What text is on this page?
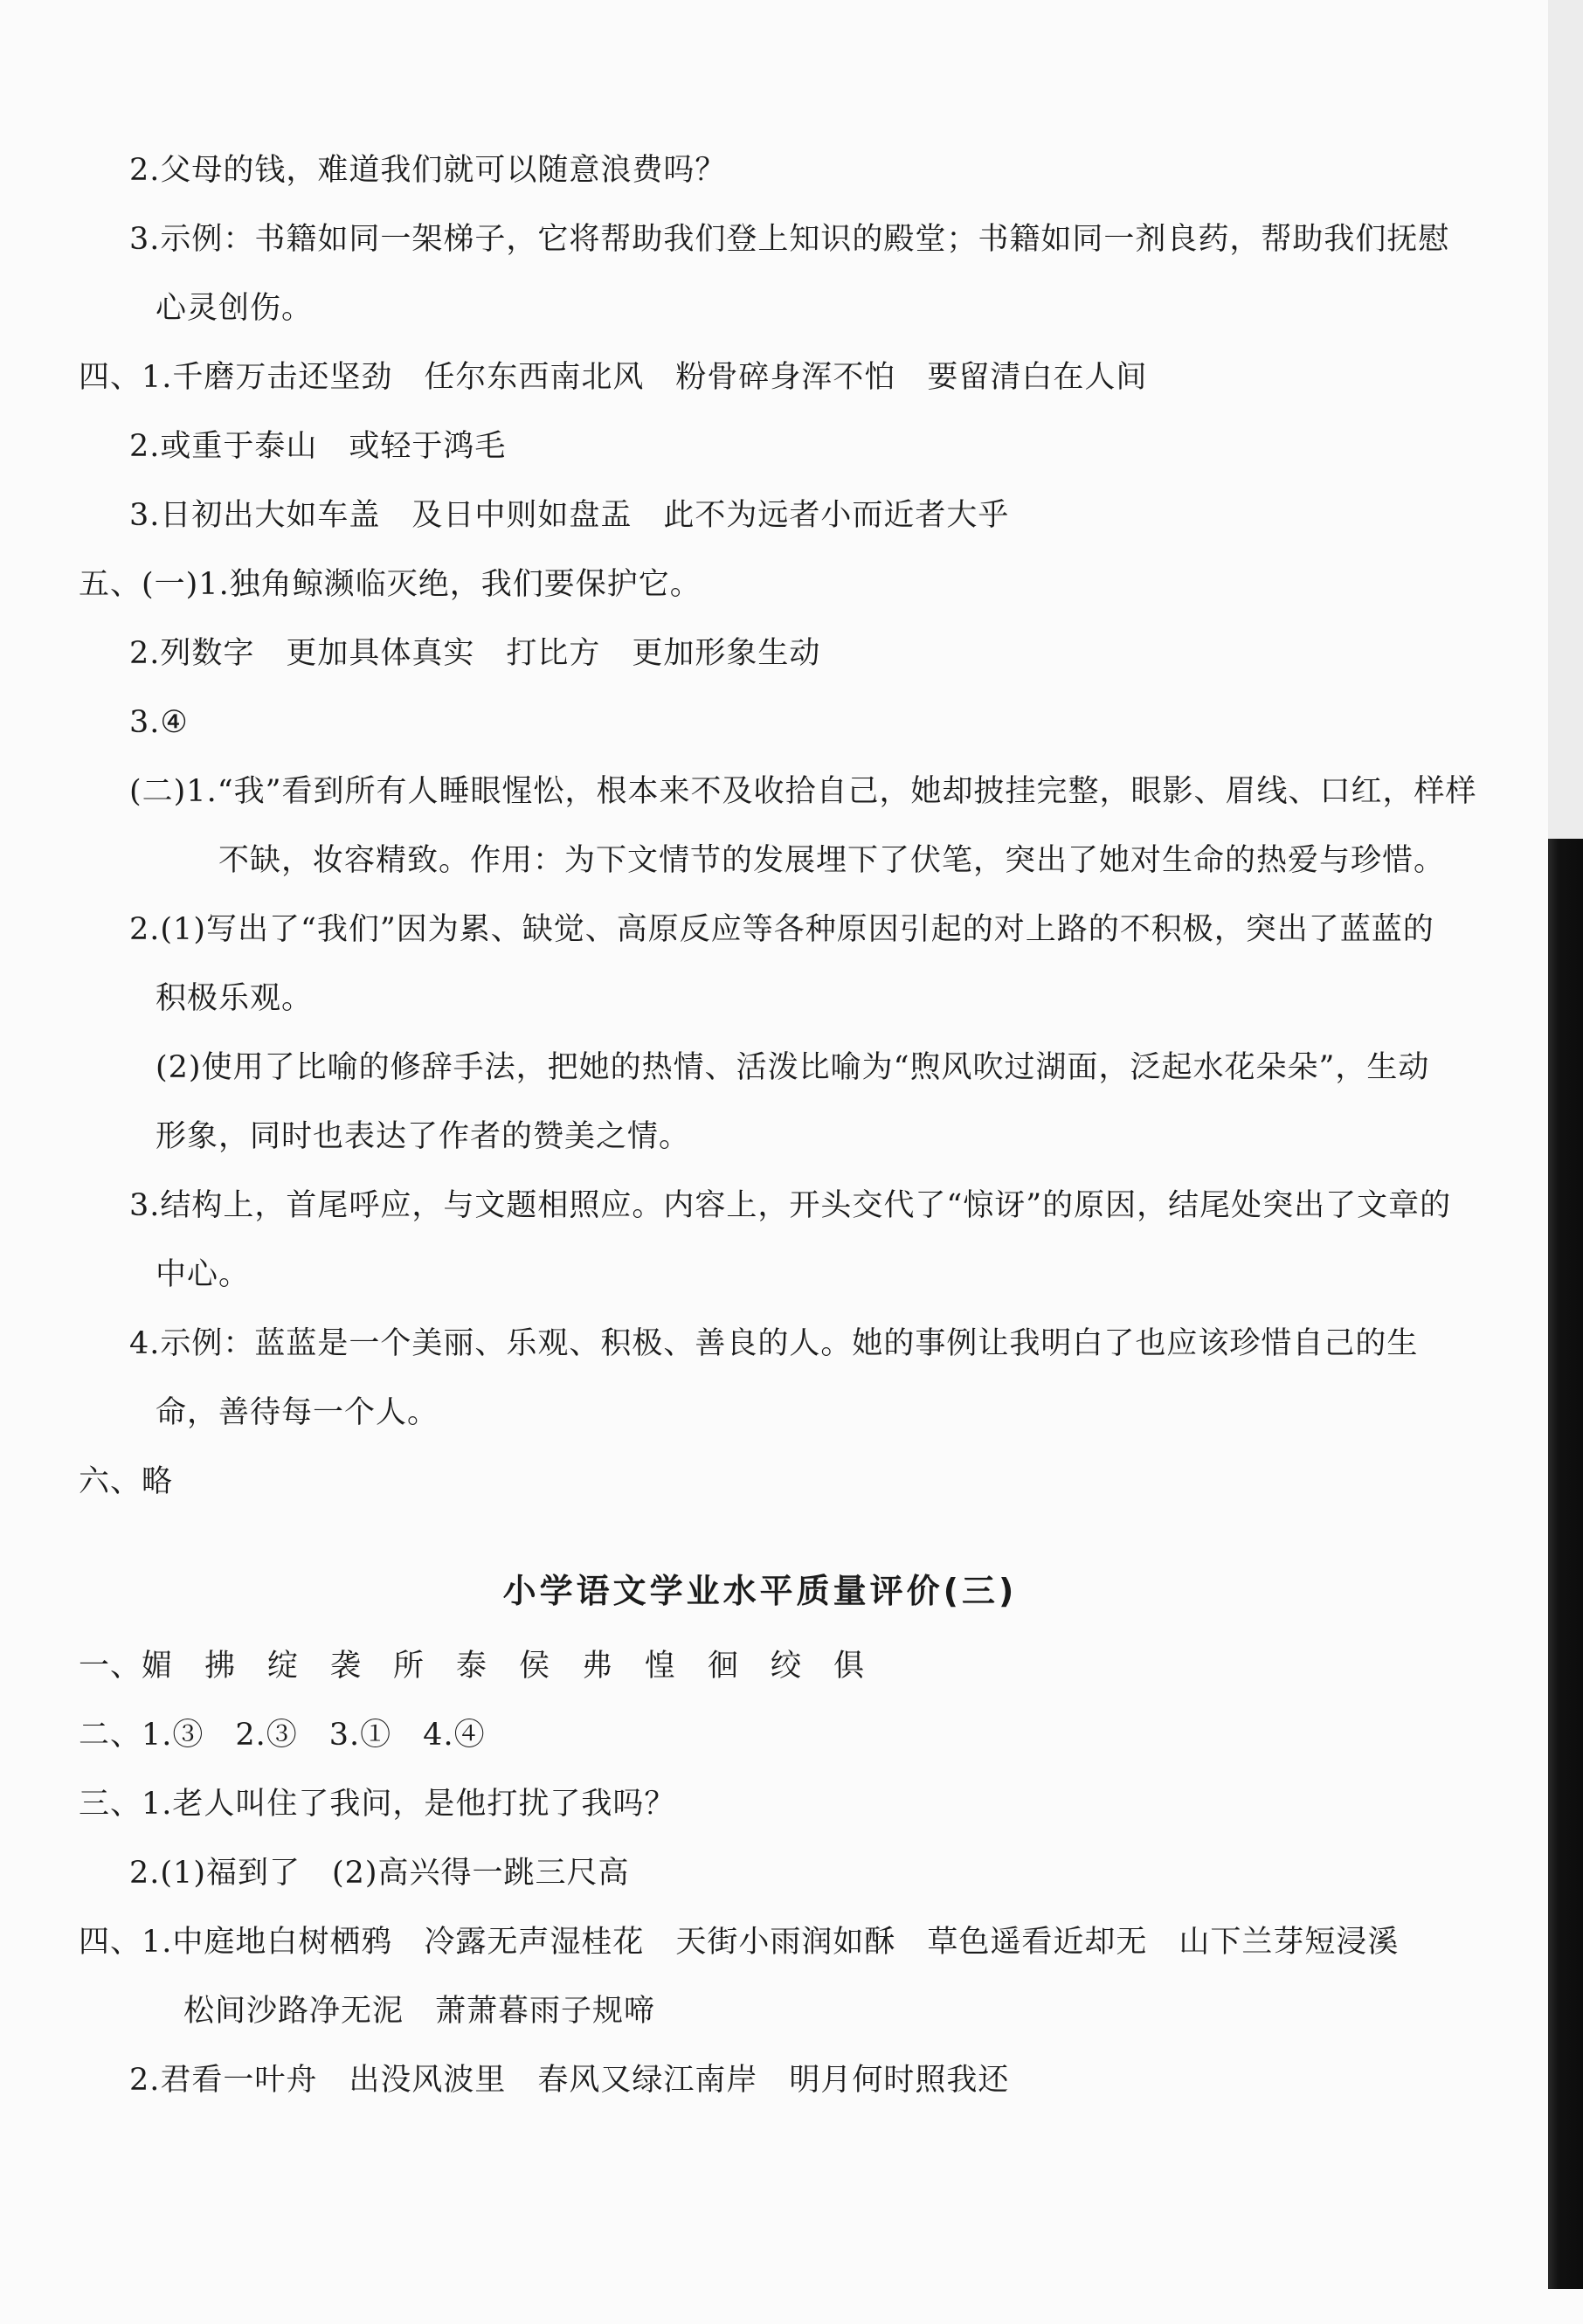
2.父母的钱，难道我们就可以随意浪费吗？
3.示例：书籍如同一架梯子，它将帮助我们登上知识的殿堂；书籍如同一剂良药，帮助我们抚慰
心灵创伤。
四、1.千磨万击还坚劲　任尔东西南北风　粉骨碎身浑不怕　要留清白在人间
2.或重于泰山　或轻于鸿毛
3.日初出大如车盖　及日中则如盘盂　此不为远者小而近者大乎
五、(一)1.独角鲸濒临灭绝，我们要保护它。
2.列数字　更加具体真实　打比方　更加形象生动
3.④
(二)1.“我”看到所有人睡眼惺忪，根本来不及收拾自己，她却披挂完整，眼影、眉线、口红，样样
不缺，妆容精致。作用：为下文情节的发展埋下了伏笔，突出了她对生命的热爱与珍惜。
2.(1)写出了“我们”因为累、缺觉、高原反应等各种原因引起的对上路的不积极，突出了蓝蓝的
积极乐观。
(2)使用了比喻的修辞手法，把她的热情、活泼比喻为“煦风吹过湖面，泛起水花朵朵”，生动
形象，同时也表达了作者的赞美之情。
3.结构上，首尾呼应，与文题相照应。内容上，开头交代了“惊讶”的原因，结尾处突出了文章的
中心。
4.示例：蓝蓝是一个美丽、乐观、积极、善良的人。她的事例让我明白了也应该珍惜自己的生
命，善待每一个人。
六、略
小学语文学业水平质量评价(三)
一、媚　拂　绽　袭　所　泰　侯　弗　惶　徊　绞　俱
二、1.③　2.③　3.①　4.④
三、1.老人叫住了我问，是他打扰了我吗？
2.(1)福到了　(2)高兴得一跳三尺高
四、1.中庭地白树栖鸦　冷露无声湿桂花　天街小雨润如酥　草色遥看近却无　山下兰芽短浸溪
松间沙路净无泥　萧萧暮雨子规啼
2.君看一叶舟　出没风波里　春风又绿江南岸　明月何时照我还
